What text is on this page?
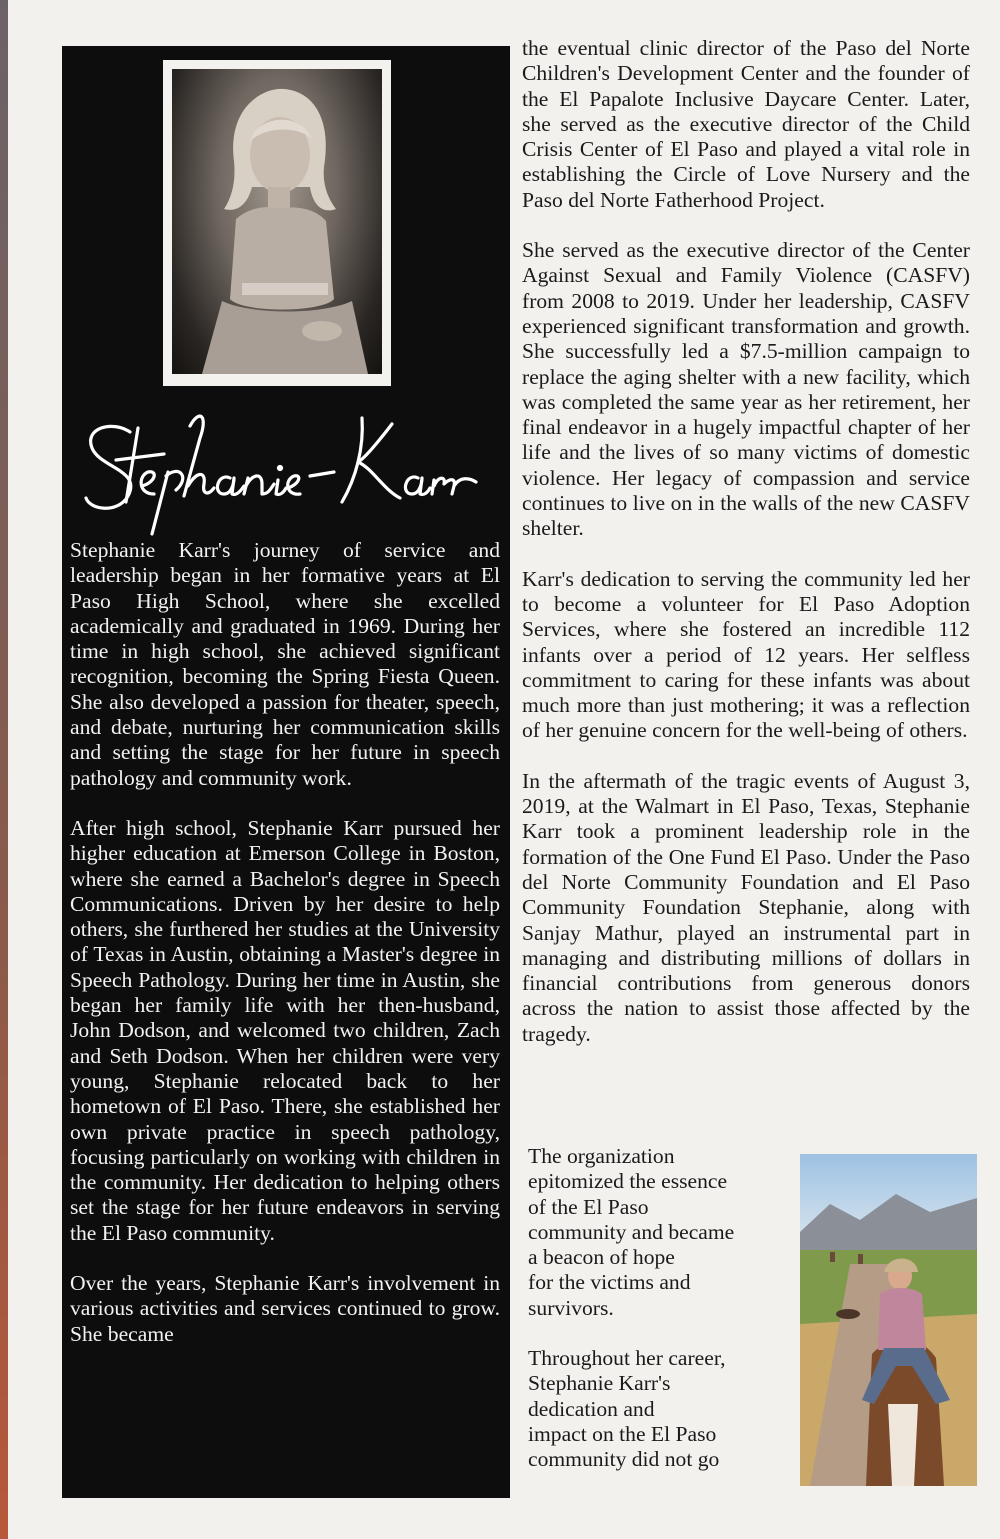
Stephanie Karr's journey of service and leadership began in her formative years at El Paso High School, where she excelled academically and graduated in 1969. During her time in high school, she achieved significant recognition, becoming the Spring Fiesta Queen. She also developed a passion for theater, speech, and debate, nurturing her communication skills and setting the stage for her future in speech pathology and community work.

After high school, Stephanie Karr pursued her higher education at Emerson College in Boston, where she earned a Bachelor's degree in Speech Communications. Driven by her desire to help others, she furthered her studies at the University of Texas in Austin, obtaining a Master's degree in Speech Pathology. During her time in Austin, she began her family life with her then-husband, John Dodson, and welcomed two children, Zach and Seth Dodson. When her children were very young, Stephanie relocated back to her hometown of El Paso. There, she established her own private practice in speech pathology, focusing particularly on working with children in the community. Her dedication to helping others set the stage for her future endeavors in serving the El Paso community.

Over the years, Stephanie Karr's involvement in various activities and services continued to grow. She became

the eventual clinic director of the Paso del Norte Children's Development Center and the founder of the El Papalote Inclusive Daycare Center. Later, she served as the executive director of the Child Crisis Center of El Paso and played a vital role in establishing the Circle of Love Nursery and the Paso del Norte Fatherhood Project.

She served as the executive director of the Center Against Sexual and Family Violence (CASFV) from 2008 to 2019. Under her leadership, CASFV experienced significant transformation and growth. She successfully led a $7.5-million campaign to replace the aging shelter with a new facility, which was completed the same year as her retirement, her final endeavor in a hugely impactful chapter of her life and the lives of so many victims of domestic violence. Her legacy of compassion and service continues to live on in the walls of the new CASFV shelter.

Karr's dedication to serving the community led her to become a volunteer for El Paso Adoption Services, where she fostered an incredible 112 infants over a period of 12 years. Her selfless commitment to caring for these infants was about much more than just mothering; it was a reflection of her genuine concern for the well-being of others.

In the aftermath of the tragic events of August 3, 2019, at the Walmart in El Paso, Texas, Stephanie Karr took a prominent leadership role in the formation of the One Fund El Paso. Under the Paso del Norte Community Foundation and El Paso Community Foundation Stephanie, along with Sanjay Mathur, played an instrumental part in managing and distributing millions of dollars in financial contributions from generous donors across the nation to assist those affected by the tragedy.

The organization
epitomized the essence
of the El Paso
community and became
a beacon of hope
for the victims and
survivors.

Throughout her career,
Stephanie Karr's
dedication and
impact on the El Paso
community did not go
